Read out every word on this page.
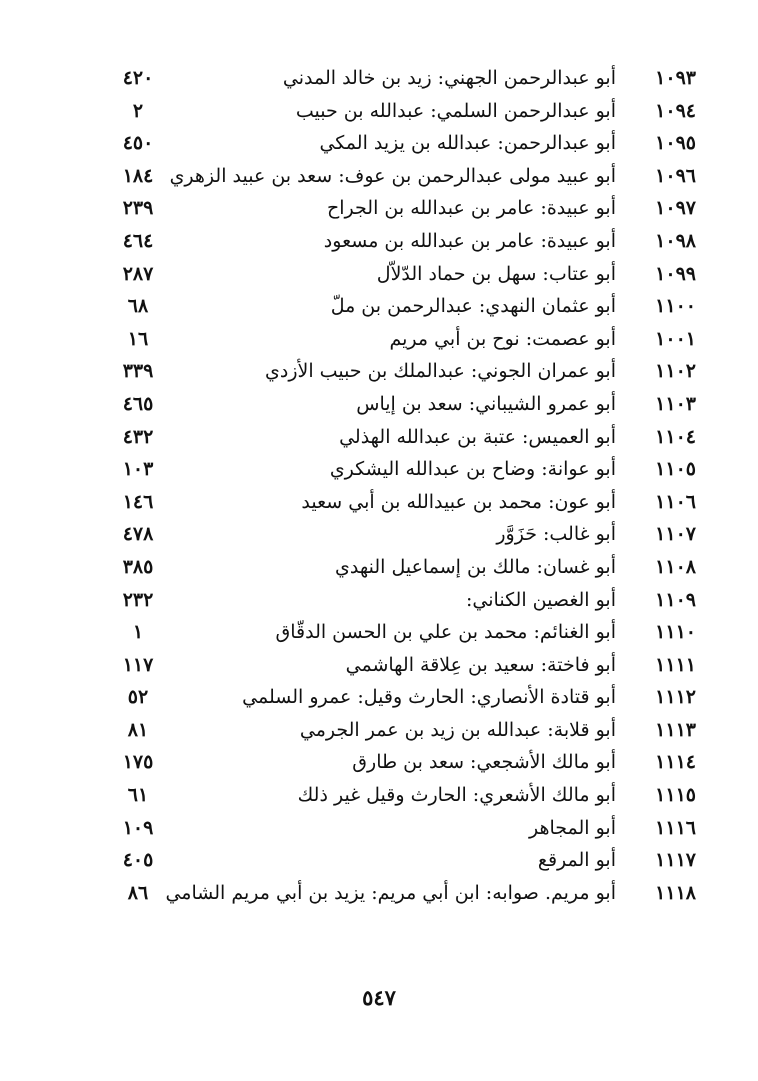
١٠٩٣
أبو عبدالرحمن الجهني: زيد بن خالد المدني
٤٢٠
١٠٩٤
أبو عبدالرحمن السلمي: عبدالله بن حبيب
٢
١٠٩٥
أبو عبدالرحمن: عبدالله بن يزيد المكي
٤٥٠
١٠٩٦
أبو عبيد مولى عبدالرحمن بن عوف: سعد بن عبيد الزهري
١٨٤
١٠٩٧
أبو عبيدة: عامر بن عبدالله بن الجراح
٢٣٩
١٠٩٨
أبو عبيدة: عامر بن عبدالله بن مسعود
٤٦٤
١٠٩٩
أبو عتاب: سهل بن حماد الدّلاّل
٢٨٧
١١٠٠
أبو عثمان النهدي: عبدالرحمن بن ملّ
٦٨
١٠٠١
أبو عصمت: نوح بن أبي مريم
١٦
١١٠٢
أبو عمران الجوني: عبدالملك بن حبيب الأزدي
٣٣٩
١١٠٣
أبو عمرو الشيباني: سعد بن إياس
٤٦٥
١١٠٤
أبو العميس: عتبة بن عبدالله الهذلي
٤٣٢
١١٠٥
أبو عوانة: وضاح بن عبدالله اليشكري
١٠٣
١١٠٦
أبو عون: محمد بن عبيدالله بن أبي سعيد
١٤٦
١١٠٧
أبو غالب: حَزَوَّر
٤٧٨
١١٠٨
أبو غسان: مالك بن إسماعيل النهدي
٣٨٥
١١٠٩
أبو الغصين الكناني:
٢٣٢
١١١٠
أبو الغنائم: محمد بن علي بن الحسن الدقّاق
١
١١١١
أبو فاختة: سعيد بن عِلاقة الهاشمي
١١٧
١١١٢
أبو قتادة الأنصاري: الحارث وقيل: عمرو السلمي
٥٢
١١١٣
أبو قلابة: عبدالله بن زيد بن عمر الجرمي
٨١
١١١٤
أبو مالك الأشجعي: سعد بن طارق
١٧٥
١١١٥
أبو مالك الأشعري: الحارث وقيل غير ذلك
٦١
١١١٦
أبو المجاهر
١٠٩
١١١٧
أبو المرقع
٤٠٥
١١١٨
أبو مريم. صوابه: ابن أبي مريم: يزيد بن أبي مريم الشامي
٨٦
٥٤٧
